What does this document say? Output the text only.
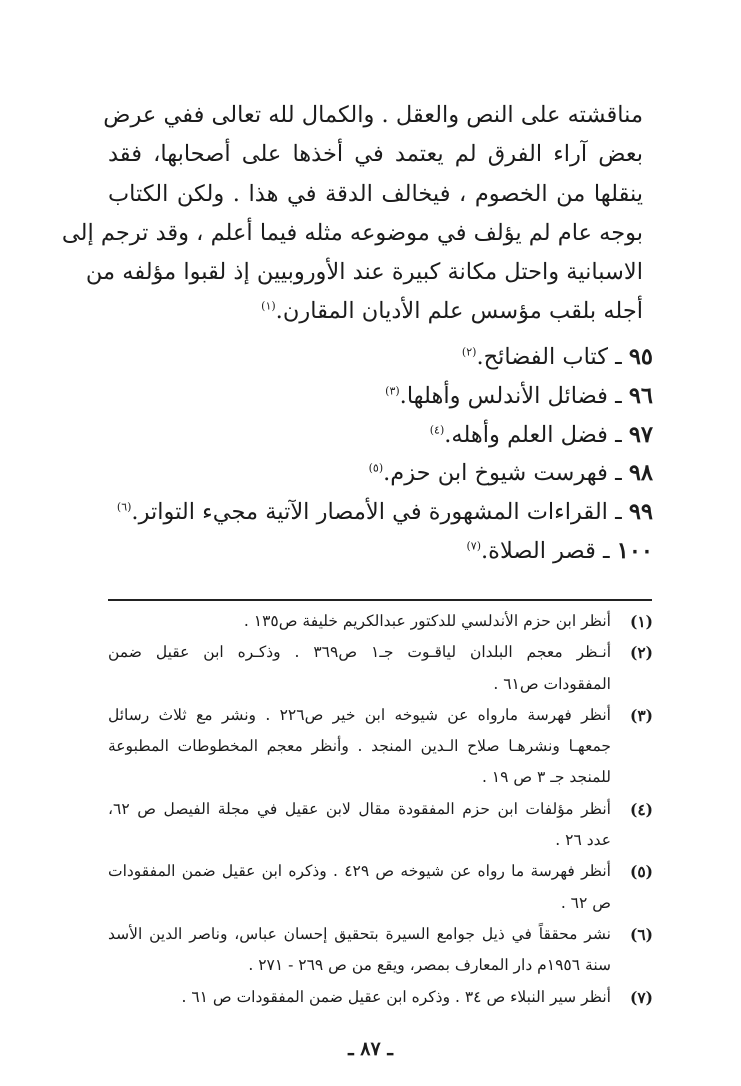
مناقشته على النص والعقل . والكمال لله تعالى ففي عرض
بعض آراء الفرق لم يعتمد في أخذها على أصحابها، فقد
ينقلها من الخصوم ، فيخالف الدقة في هذا . ولكن الكتاب
بوجه عام لم يؤلف في موضوعه مثله فيما أعلم ، وقد ترجم إلى
الاسبانية واحتل مكانة كبيرة عند الأوروبيين إذ لقبوا مؤلفه من
أجله بلقب مؤسس علم الأديان المقارن.$^{(١)}$
٩٥ ـ كتاب الفضائح.$^{(٢)}$
٩٦ ـ فضائل الأندلس وأهلها.$^{(٣)}$
٩٧ ـ فضل العلم وأهله.$^{(٤)}$
٩٨ ـ فهرست شيوخ ابن حزم.$^{(٥)}$
٩٩ ـ القراءات المشهورة في الأمصار الآتية مجيء التواتر.$^{(٦)}$
١٠٠ ـ قصر الصلاة.$^{(٧)}$
(١)
أنظر ابن حزم الأندلسي للدكتور عبدالكريم خليفة ص١٣٥ .
(٢)
أنـظر معجم البلدان لياقـوت جـ١ ص٣٦٩ . وذكـره ابن عقيل ضمن
المفقودات ص٦١ .
(٣)
أنظر فهرسة مارواه عن شيوخه ابن خير ص٢٢٦ . ونشر مع ثلاث رسائل
جمعهـا ونشرهـا صلاح الـدين المنجد . وأنظر معجم المخطوطات المطبوعة
للمنجد جـ ٣ ص ١٩ .
(٤)
أنظر مؤلفات ابن حزم المفقودة مقال لابن عقيل في مجلة الفيصل ص ٦٢،
عدد ٢٦ .
(٥)
أنظر فهرسة ما رواه عن شيوخه ص ٤٢٩ . وذكره ابن عقيل ضمن المفقودات
ص ٦٢ .
(٦)
نشر محققاً في ذيل جوامع السيرة بتحقيق إحسان عباس، وناصر الدين الأسد
سنة ١٩٥٦م دار المعارف بمصر، ويقع من ص ٢٦٩ - ٢٧١ .
(٧)
أنظر سير النبلاء ص ٣٤ . وذكره ابن عقيل ضمن المفقودات ص ٦١ .
ـ ٨٧ ـ
